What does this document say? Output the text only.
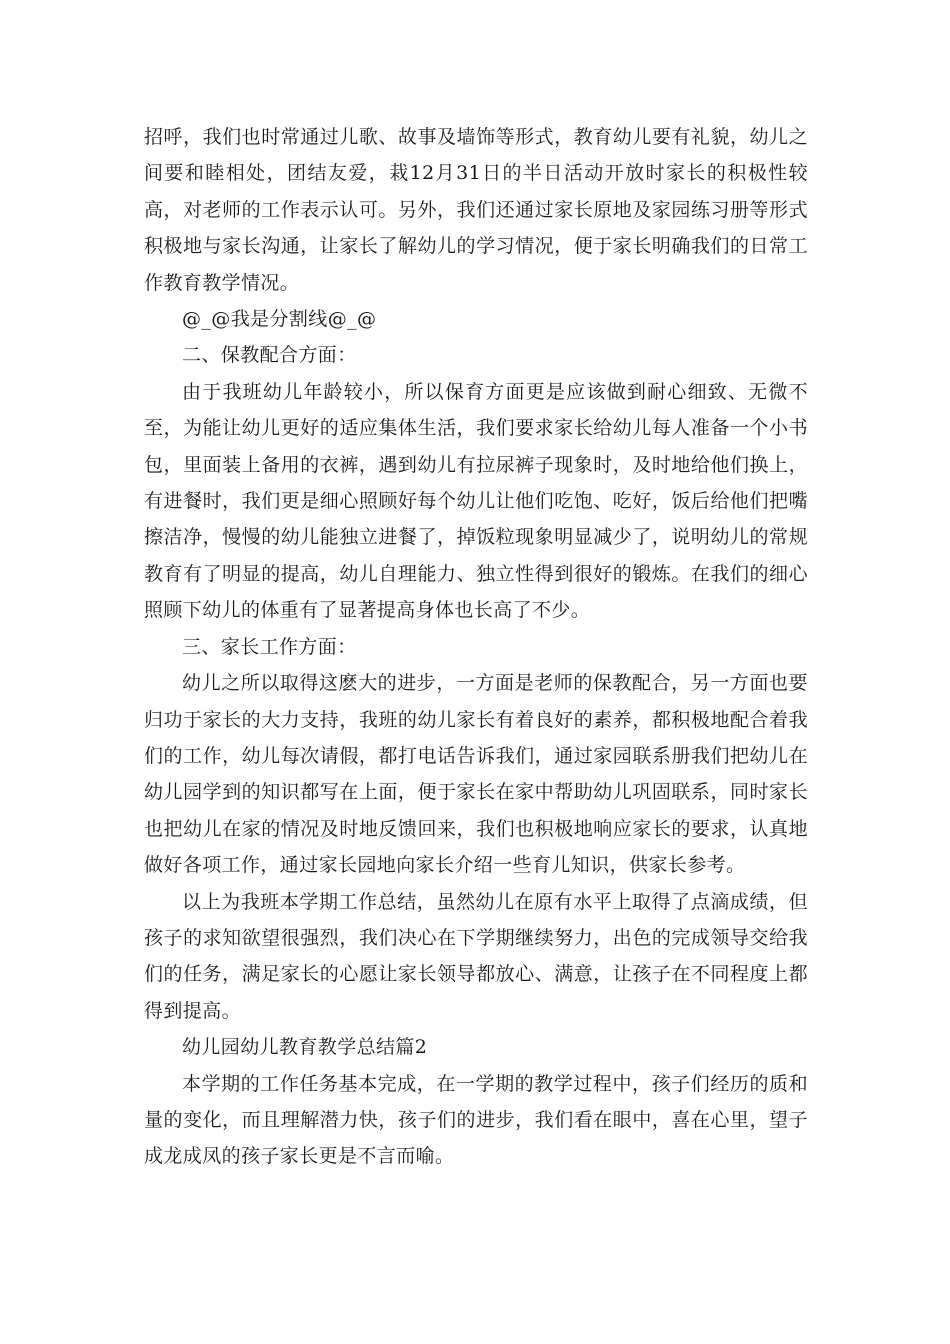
招呼，我们也时常通过儿歌、故事及墙饰等形式，教育幼儿要有礼貌，幼儿之间要和睦相处，团结友爱，栽12月31日的半日活动开放时家长的积极性较高，对老师的工作表示认可。另外，我们还通过家长原地及家园练习册等形式积极地与家长沟通，让家长了解幼儿的学习情况，便于家长明确我们的日常工作教育教学情况。

@_@我是分割线@_@

二、保教配合方面：

由于我班幼儿年龄较小，所以保育方面更是应该做到耐心细致、无微不至，为能让幼儿更好的适应集体生活，我们要求家长给幼儿每人准备一个小书包，里面装上备用的衣裤，遇到幼儿有拉尿裤子现象时，及时地给他们换上，有进餐时，我们更是细心照顾好每个幼儿让他们吃饱、吃好，饭后给他们把嘴擦洁净，慢慢的幼儿能独立进餐了，掉饭粒现象明显减少了，说明幼儿的常规教育有了明显的提高，幼儿自理能力、独立性得到很好的锻炼。在我们的细心照顾下幼儿的体重有了显著提高身体也长高了不少。

三、家长工作方面：

幼儿之所以取得这麽大的进步，一方面是老师的保教配合，另一方面也要归功于家长的大力支持，我班的幼儿家长有着良好的素养，都积极地配合着我们的工作，幼儿每次请假，都打电话告诉我们，通过家园联系册我们把幼儿在幼儿园学到的知识都写在上面，便于家长在家中帮助幼儿巩固联系，同时家长也把幼儿在家的情况及时地反馈回来，我们也积极地响应家长的要求，认真地做好各项工作，通过家长园地向家长介绍一些育儿知识，供家长参考。

以上为我班本学期工作总结，虽然幼儿在原有水平上取得了点滴成绩，但孩子的求知欲望很强烈，我们决心在下学期继续努力，出色的完成领导交给我们的任务，满足家长的心愿让家长领导都放心、满意，让孩子在不同程度上都得到提高。

幼儿园幼儿教育教学总结篇2

本学期的工作任务基本完成，在一学期的教学过程中，孩子们经历的质和量的变化，而且理解潜力快，孩子们的进步，我们看在眼中，喜在心里，望子成龙成凤的孩子家长更是不言而喻。
